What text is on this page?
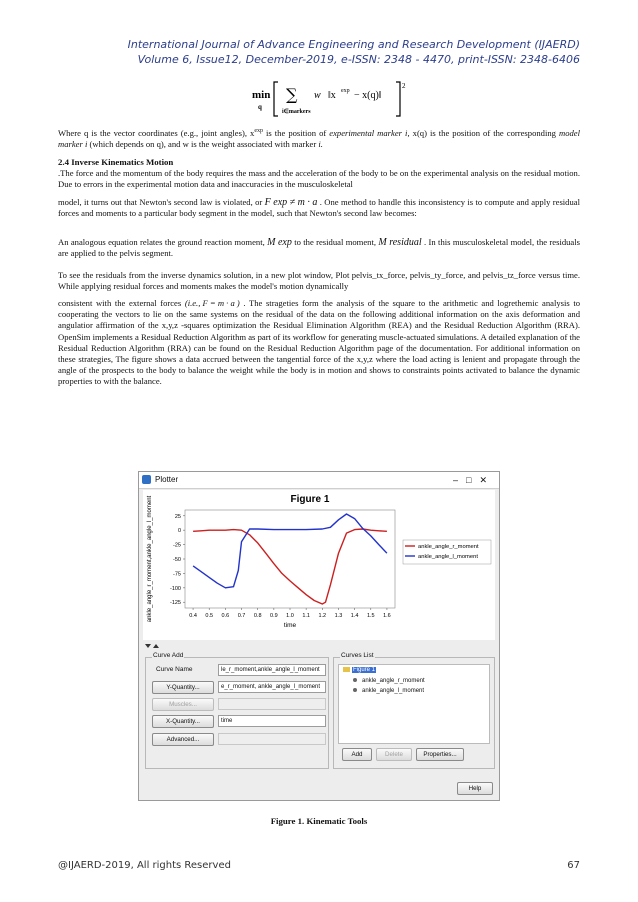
International Journal of Advance Engineering and Research Development (IJAERD)
Volume 6, Issue12, December-2019, e-ISSN: 2348 - 4470, print-ISSN: 2348-6406
min
q
∑
i∈markers
w ‖x exp − x(q)‖
2
Where q is the vector coordinates (e.g., joint angles), $x^{exp}$ is the position of experimental marker i, x(q) is the position of the corresponding model marker i (which depends on q), and w is the weight associated with marker i.
2.4 Inverse Kinematics Motion
.The force and the momentum of the body requires the mass and the acceleration of the body to be on the experimental analysis on the residual motion. Due to errors in the experimental motion data and inaccuracies in the musculoskeletal
model, it turns out that Newton's second law is violated, or F exp ≠ m · a . One method to handle this inconsistency is to compute and apply residual forces and moments to a particular body segment in the model, such that Newton's second law becomes:
An analogous equation relates the ground reaction moment, M exp to the residual moment, M residual . In this musculoskeletal model, the residuals are applied to the pelvis segment.
To see the residuals from the inverse dynamics solution, in a new plot window, Plot pelvis_tx_force, pelvis_ty_force, and pelvis_tz_force versus time. While applying residual forces and moments makes the model's motion dynamically
consistent with the external forces (i.e., F = m · a ) . The strageties form the analysis of the square to the arithmetic and logrethemic analysis to cooperating the vectors to lie on the same systems on the residual of the data on the following additional information on the axis deformation and angulatior affirmation of the x,y,z -squares optimization the Residual Elimination Algorithm (REA) and the Residual Reduction Algorithm (RRA). OpenSim implements a Residual Reduction Algorithm as part of its workflow for generating muscle-actuated simulations. A detailed explanation of the Residual Reduction Algorithm (RRA) can be found on the Residual Reduction Algorithm page of the documentation. For additional information on these strategies, The figure shows a data accrued between the tangential force of the x,y,z where the load acting is lenient and propagate through the angle of the prospects to the body to balance the weight while the body is in motion and shows to constraints points activated to balance the dynamic properties to with the balance.
Plotter	–□✕
Figure 1
0.4 0.5 0.6 0.7 0.8 0.9 1.0 1.1 1.2 1.3 1.4 1.5 1.6
25
0
-25
-50
-75
-100
-125
time
ankle_angle_r_moment,ankle_angle_l_moment	ankle_angle_r_moment
ankle_angle_l_moment
Curve Add
Curve Name	le_r_moment,ankle_angle_l_moment
Y-Quantity...	e_r_moment, ankle_angle_l_moment
Muscles...
X-Quantity...	time
Advanced...
Curves List
Figure 1
ankle_angle_r_moment
ankle_angle_l_moment
Add	Delete	Properties...
Help
Figure 1. Kinematic Tools
@IJAERD-2019, All rights Reserved	67
